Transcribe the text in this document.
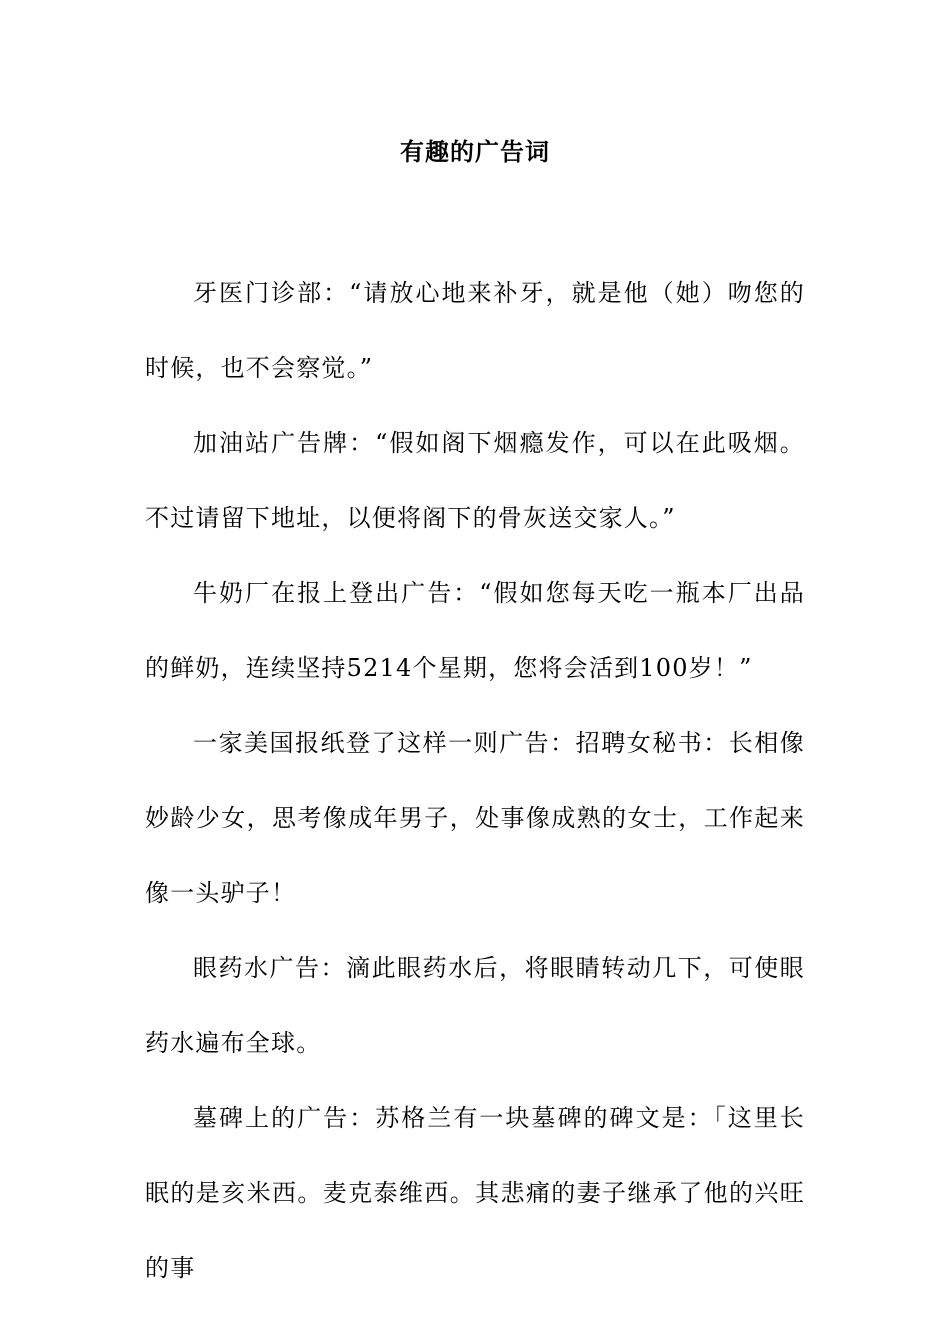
有趣的广告词

牙医门诊部：“请放心地来补牙，就是他（她）吻您的时候，也不会察觉。”

加油站广告牌：“假如阁下烟瘾发作，可以在此吸烟。不过请留下地址，以便将阁下的骨灰送交家人。”

牛奶厂在报上登出广告：“假如您每天吃一瓶本厂出品的鲜奶，连续坚持5214个星期，您将会活到100岁！”

一家美国报纸登了这样一则广告：招聘女秘书：长相像妙龄少女，思考像成年男子，处事像成熟的女士，工作起来像一头驴子！

眼药水广告：滴此眼药水后，将眼睛转动几下，可使眼药水遍布全球。

墓碑上的广告：苏格兰有一块墓碑的碑文是：「这里长眠的是亥米西。麦克泰维西。其悲痛的妻子继承了他的兴旺的事
